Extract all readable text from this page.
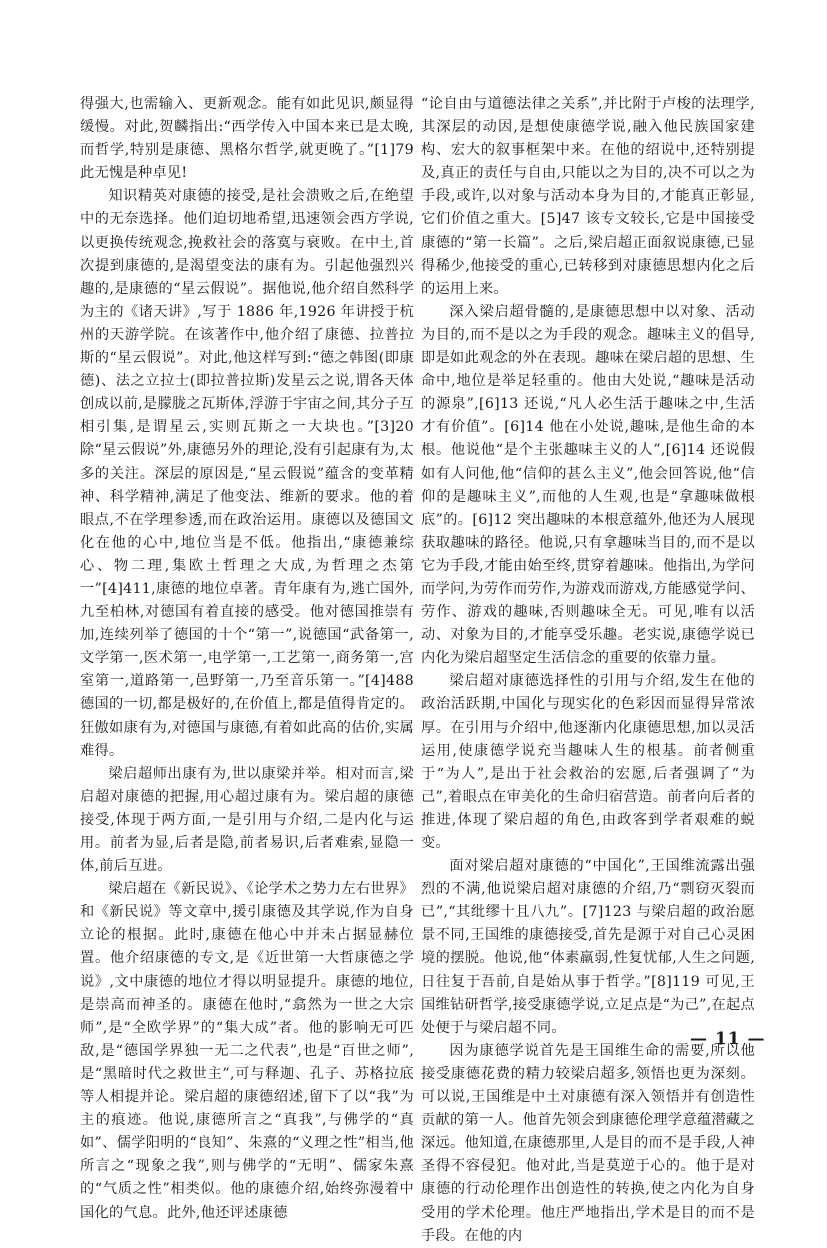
得强大,也需输入、更新观念。能有如此见识,颇显得缓慢。对此,贺麟指出:“西学传入中国本来已是太晚,而哲学,特别是康德、黑格尔哲学,就更晚了。”[1]79 此无愧是种卓见!

知识精英对康德的接受,是社会溃败之后,在绝望中的无奈选择。他们迫切地希望,迅速领会西方学说,以更换传统观念,挽救社会的落寞与衰败。在中土,首次提到康德的,是渴望变法的康有为。引起他强烈兴趣的,是康德的“星云假说”。据他说,他介绍自然科学为主的《诸天讲》,写于 1886 年,1926 年讲授于杭州的天游学院。在该著作中,他介绍了康德、拉普拉斯的“星云假说”。对此,他这样写到:“德之韩图(即康德)、法之立拉士(即拉普拉斯)发星云之说,谓各天体创成以前,是朦胧之瓦斯体,浮游于宇宙之间,其分子互相引集,是谓星云,实则瓦斯之一大块也。”[3]20 除“星云假说”外,康德另外的理论,没有引起康有为,太多的关注。深层的原因是,“星云假说”蕴含的变革精神、科学精神,满足了他变法、维新的要求。他的着眼点,不在学理参透,而在政治运用。康德以及德国文化在他的心中,地位当是不低。他指出,“康德兼综心、物二理,集欧土哲理之大成,为哲理之杰第一”[4]411,康德的地位卓著。青年康有为,逃亡国外,九至柏林,对德国有着直接的感受。他对德国推崇有加,连续列举了德国的十个“第一”,说德国“武备第一,文学第一,医术第一,电学第一,工艺第一,商务第一,宫室第一,道路第一,邑野第一,乃至音乐第一。”[4]488 德国的一切,都是极好的,在价值上,都是值得肯定的。狂傲如康有为,对德国与康德,有着如此高的估价,实属难得。

梁启超师出康有为,世以康梁并举。相对而言,梁启超对康德的把握,用心超过康有为。梁启超的康德接受,体现于两方面,一是引用与介绍,二是内化与运用。前者为显,后者是隐,前者易识,后者难索,显隐一体,前后互进。

梁启超在《新民说》、《论学术之势力左右世界》和《新民说》等文章中,援引康德及其学说,作为自身立论的根据。此时,康德在他心中并未占据显赫位置。他介绍康德的专文,是《近世第一大哲康德之学说》,文中康德的地位才得以明显提升。康德的地位,是崇高而神圣的。康德在他时,“翕然为一世之大宗师”,是“全欧学界”的“集大成”者。他的影响无可匹敌,是“德国学界独一无二之代表”,也是“百世之师”,是“黑暗时代之救世主”,可与释迦、孔子、苏格拉底等人相提并论。梁启超的康德绍述,留下了以“我”为主的痕迹。他说,康德所言之“真我”,与佛学的“真如”、儒学阳明的“良知”、朱熹的“义理之性”相当,他所言之“现象之我”,则与佛学的“无明”、儒家朱熹的“气质之性”相类似。他的康德介绍,始终弥漫着中国化的气息。此外,他还评述康德

“论自由与道德法律之关系”,并比附于卢梭的法理学,其深层的动因,是想使康德学说,融入他民族国家建构、宏大的叙事框架中来。在他的绍说中,还特别提及,真正的责任与自由,只能以之为目的,决不可以之为手段,或许,以对象与活动本身为目的,才能真正彰显,它们价值之重大。[5]47 该专文较长,它是中国接受康德的“第一长篇”。之后,梁启超正面叙说康德,已显得稀少,他接受的重心,已转移到对康德思想内化之后的运用上来。

深入梁启超骨髓的,是康德思想中以对象、活动为目的,而不是以之为手段的观念。趣味主义的倡导,即是如此观念的外在表现。趣味在梁启超的思想、生命中,地位是举足轻重的。他由大处说,“趣味是活动的源泉”,[6]13 还说,“凡人必生活于趣味之中,生活才有价值”。[6]14 他在小处说,趣味,是他生命的本根。他说他“是个主张趣味主义的人”,[6]14 还说假如有人问他,他“信仰的甚么主义”,他会回答说,他“信仰的是趣味主义”,而他的人生观,也是“拿趣味做根底”的。[6]12 突出趣味的本根意蕴外,他还为人展现获取趣味的路径。他说,只有拿趣味当目的,而不是以它为手段,才能由始至终,贯穿着趣味。他指出,为学问而学问,为劳作而劳作,为游戏而游戏,方能感觉学问、劳作、游戏的趣味,否则趣味全无。可见,唯有以活动、对象为目的,才能享受乐趣。老实说,康德学说已内化为梁启超坚定生活信念的重要的依靠力量。

梁启超对康德选择性的引用与介绍,发生在他的政治活跃期,中国化与现实化的色彩因而显得异常浓厚。在引用与介绍中,他逐渐内化康德思想,加以灵活运用,使康德学说充当趣味人生的根基。前者侧重于“为人”,是出于社会救治的宏愿,后者强调了“为己”,着眼点在审美化的生命归宿营造。前者向后者的推进,体现了梁启超的角色,由政客到学者艰难的蜕变。

面对梁启超对康德的“中国化”,王国维流露出强烈的不满,他说梁启超对康德的介绍,乃“剽窃灭裂而已”,“其纰缪十且八九”。[7]123 与梁启超的政治愿景不同,王国维的康德接受,首先是源于对自己心灵困境的摆脱。他说,他“体素羸弱,性复忧郁,人生之问题,日往复于吾前,自是始从事于哲学。”[8]119 可见,王国维钻研哲学,接受康德学说,立足点是“为己”,在起点处便于与梁启超不同。

因为康德学说首先是王国维生命的需要,所以他接受康德花费的精力较梁启超多,领悟也更为深刻。可以说,王国维是中土对康德有深入领悟并有创造性贡献的第一人。他首先领会到康德伦理学意蕴潜藏之深远。他知道,在康德那里,人是目的而不是手段,人神圣得不容侵犯。他对此,当是莫逆于心的。他于是对康德的行动伦理作出创造性的转换,使之内化为自身受用的学术伦理。他庄严地指出,学术是目的而不是手段。在他的内

— 11 —
